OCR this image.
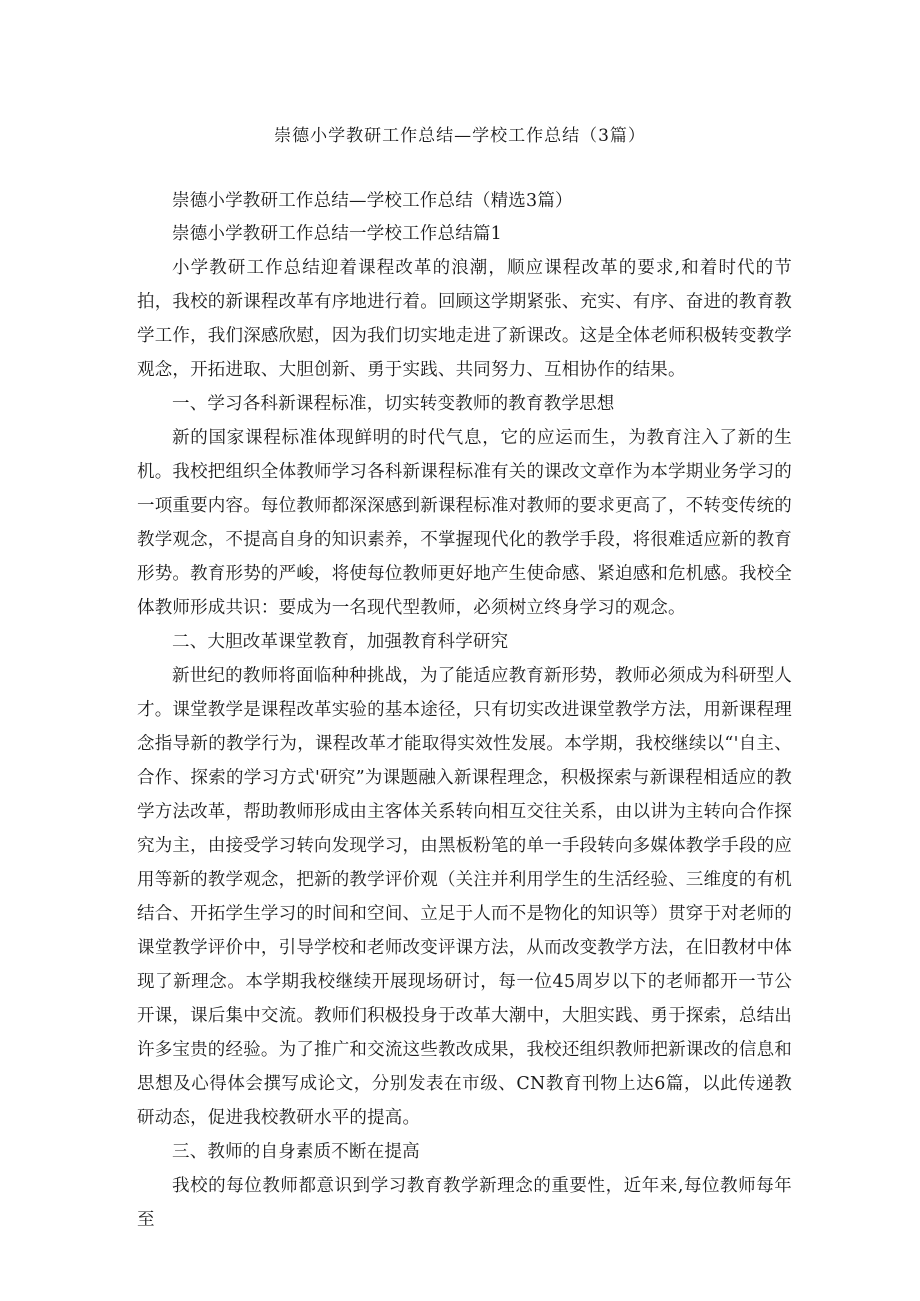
崇德小学教研工作总结—学校工作总结（3篇）

崇德小学教研工作总结—学校工作总结（精选3篇）

崇德小学教研工作总结一学校工作总结篇1

小学教研工作总结迎着课程改革的浪潮，顺应课程改革的要求,和着时代的节拍，我校的新课程改革有序地进行着。回顾这学期紧张、充实、有序、奋进的教育教学工作，我们深感欣慰，因为我们切实地走进了新课改。这是全体老师积极转变教学观念，开拓进取、大胆创新、勇于实践、共同努力、互相协作的结果。

一、学习各科新课程标准，切实转变教师的教育教学思想

新的国家课程标准体现鲜明的时代气息，它的应运而生，为教育注入了新的生机。我校把组织全体教师学习各科新课程标准有关的课改文章作为本学期业务学习的一项重要内容。每位教师都深深感到新课程标准对教师的要求更高了，不转变传统的教学观念，不提高自身的知识素养，不掌握现代化的教学手段，将很难适应新的教育形势。教育形势的严峻，将使每位教师更好地产生使命感、紧迫感和危机感。我校全体教师形成共识：要成为一名现代型教师，必须树立终身学习的观念。

二、大胆改革课堂教育，加强教育科学研究

新世纪的教师将面临种种挑战，为了能适应教育新形势，教师必须成为科研型人才。课堂教学是课程改革实验的基本途径，只有切实改进课堂教学方法，用新课程理念指导新的教学行为，课程改革才能取得实效性发展。本学期，我校继续以“'自主、合作、探索的学习方式'研究”为课题融入新课程理念，积极探索与新课程相适应的教学方法改革，帮助教师形成由主客体关系转向相互交往关系，由以讲为主转向合作探究为主，由接受学习转向发现学习，由黑板粉笔的单一手段转向多媒体教学手段的应用等新的教学观念，把新的教学评价观（关注并利用学生的生活经验、三维度的有机结合、开拓学生学习的时间和空间、立足于人而不是物化的知识等）贯穿于对老师的课堂教学评价中，引导学校和老师改变评课方法，从而改变教学方法，在旧教材中体现了新理念。本学期我校继续开展现场研讨，每一位45周岁以下的老师都开一节公开课，课后集中交流。教师们积极投身于改革大潮中，大胆实践、勇于探索，总结出许多宝贵的经验。为了推广和交流这些教改成果，我校还组织教师把新课改的信息和思想及心得体会撰写成论文，分别发表在市级、CN教育刊物上达6篇，以此传递教研动态，促进我校教研水平的提高。

三、教师的自身素质不断在提高

我校的每位教师都意识到学习教育教学新理念的重要性，近年来,每位教师每年至
